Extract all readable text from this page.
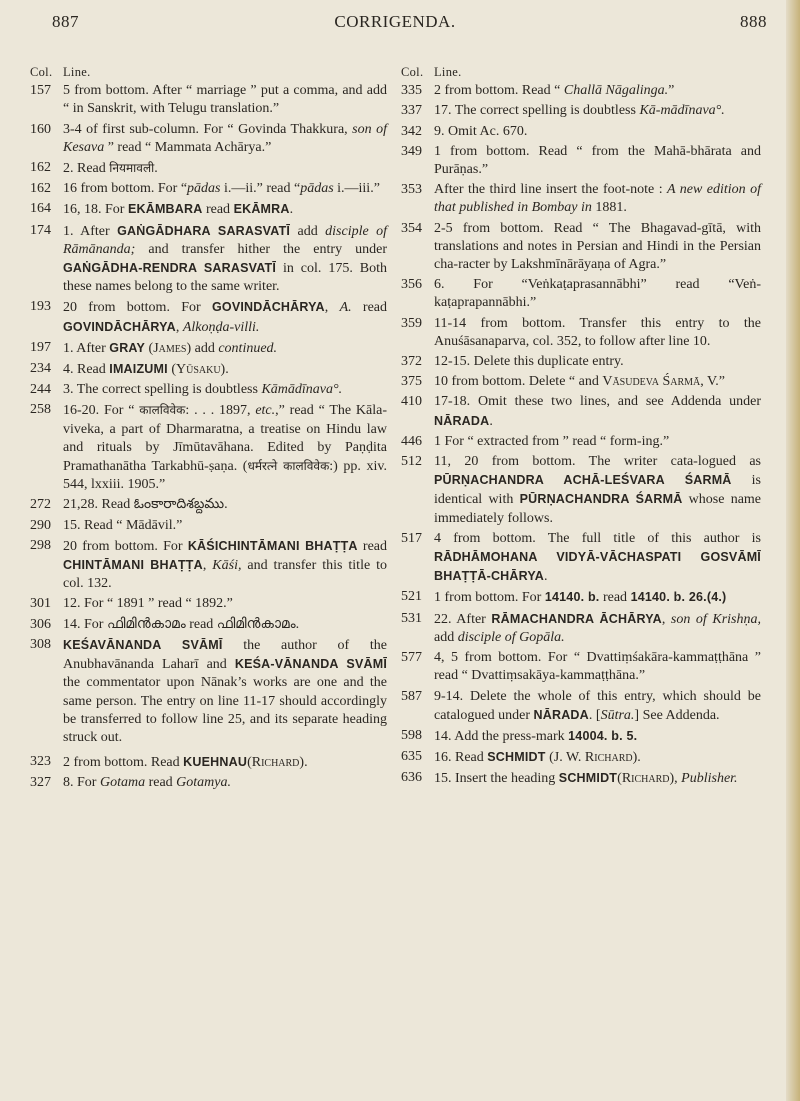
887	CORRIGENDA.	888
Col. Line.
157 5 from bottom. After “ marriage ” put a comma, and add “ in Sanskrit, with Telugu translation.”
160 3-4 of first sub-column. For “ Govinda Thakkura, son of Kesava ” read “ Mammata Achārya.”
162 2. Read नियमावली.
162 16 from bottom. For “pādas i.—ii.” read “pādas i.—iii.”
164 16, 18. For EKĀMBARA read EKĀMRA.
174 1. After GAṄGĀDHARA SARASVATĪ add disciple of Rāmānanda; and transfer hither the entry under GAṄGĀDHA-RENDRA SARASVATĪ in col. 175. Both these names belong to the same writer.
193 20 from bottom. For GOVINDĀCHĀRYA, A. read GOVINDĀCHĀRYA, Alkoṇḍa-villi.
197 1. After GRAY (James) add continued.
234 4. Read IMAIZUMI (Yūsaku).
244 3. The correct spelling is doubtless Kāmādīnava°.
258 16-20. For “ कालविवेक: . . . 1897, etc.,” read “ The Kāla-viveka, a part of Dharmaratna, a treatise on Hindu law and rituals by Jīmūtavāhana. Edited by Paṇḍita Pramathanātha Tarkabhū-ṣaṇa. (धर्मरत्ने कालविवेक:) pp. xiv. 544, lxxiii. 1905.”
272 21,28. Read ఓంకారాదిశబ్దము.
290 15. Read “ Mādāvil.”
298 20 from bottom. For KĀŚICHINTĀMANI BHAṬṬA read CHINTĀMANI BHAṬṬA, Kāśi, and transfer this title to col. 132.
301 12. For “ 1891 ” read “ 1892.”
306 14. For ഫിമിൻകാമം read ഫിമിൻകാമം.
308 KEŚAVĀNANDA SVĀMĪ the author of the Anubhavānanda Laharī and KEŚA-VĀNANDA SVĀMĪ the commentator upon Nānak’s works are one and the same person. The entry on line 11-17 should accordingly be transferred to follow line 25, and its separate heading struck out.
323 2 from bottom. Read KUEHNAU(Richard).
327 8. For Gotama read Gotamya.
Col. Line.
335 2 from bottom. Read “ Challā Nāgalinga.”
337 17. The correct spelling is doubtless Kā-mādīnava°.
342 9. Omit Ac. 670.
349 1 from bottom. Read “ from the Mahā-bhārata and Purāṇas.”
353 After the third line insert the foot-note : A new edition of that published in Bombay in 1881.
354 2-5 from bottom. Read “ The Bhagavad-gītā, with translations and notes in Persian and Hindi in the Persian cha-racter by Lakshmīnārāyaṇa of Agra.”
356 6. For “Veṅkaṭaprasannābhi” read “Veṅ-kaṭaprapannābhi.”
359 11-14 from bottom. Transfer this entry to the Anuśāsanaparva, col. 352, to follow after line 10.
372 12-15. Delete this duplicate entry.
375 10 from bottom. Delete “ and Vāsudeva Śarmā, V.”
410 17-18. Omit these two lines, and see Addenda under NĀRADA.
446 1 For “ extracted from ” read “ form-ing.”
512 11, 20 from bottom. The writer cata-logued as PŪRṆACHANDRA ACHĀ-LEŚVARA ŚARMĀ is identical with PŪRṆACHANDRA ŚARMĀ whose name immediately follows.
517 4 from bottom. The full title of this author is RĀDHĀMOHANA VIDYĀ-VĀCHASPATI GOSVĀMĪ BHAṬṬĀ-CHĀRYA.
521 1 from bottom. For 14140. b. read 14140. b. 26.(4.)
531 22. After RĀMACHANDRA ĀCHĀRYA, son of Krishṇa, add disciple of Gopāla.
577 4, 5 from bottom. For “ Dvattiṃśakāra-kammaṭṭhāna ” read “ Dvattiṃsakāya-kammaṭṭhāna.”
587 9-14. Delete the whole of this entry, which should be catalogued under NĀRADA. [Sūtra.] See Addenda.
598 14. Add the press-mark 14004. b. 5.
635 16. Read SCHMIDT (J. W. Richard).
636 15. Insert the heading SCHMIDT(Richard), Publisher.
